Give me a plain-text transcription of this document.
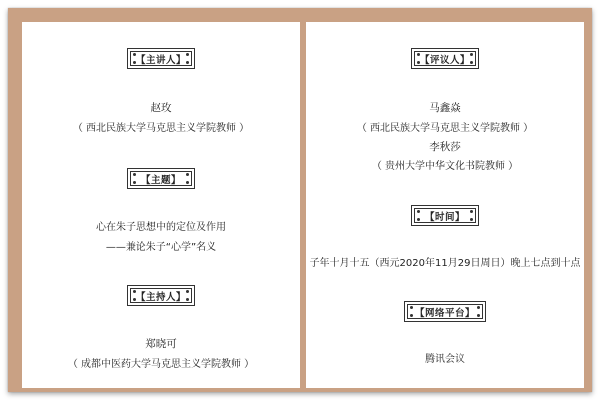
【主讲人】
赵玫
（ 西北民族大学马克思主义学院教师 ）
【主题】
心在朱子思想中的定位及作用
——兼论朱子“心学”名义
【主持人】
郑晓可
（ 成都中医药大学马克思主义学院教师 ）
【评议人】
马鑫焱
（ 西北民族大学马克思主义学院教师 ）
李秋莎
（ 贵州大学中华文化书院教师 ）
【时间】
子年十月十五（西元2020年11月29日周日）晚上七点到十点
【网络平台】
腾讯会议
